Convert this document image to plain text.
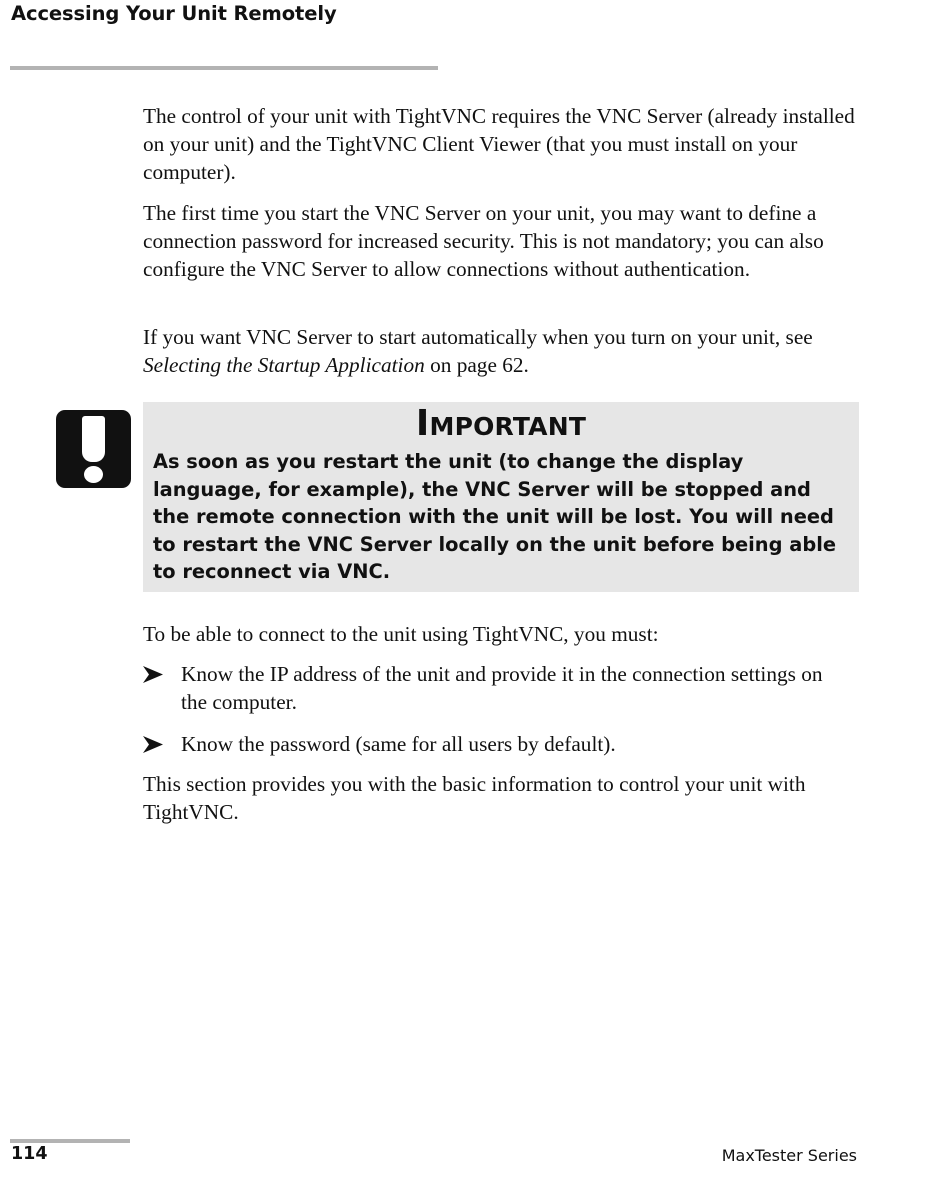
Accessing Your Unit Remotely

The control of your unit with TightVNC requires the VNC Server (already installed on your unit) and the TightVNC Client Viewer (that you must install on your computer).

The first time you start the VNC Server on your unit, you may want to define a connection password for increased security. This is not mandatory; you can also configure the VNC Server to allow connections without authentication.

If you want VNC Server to start automatically when you turn on your unit, see Selecting the Startup Application on page 62.

Important

As soon as you restart the unit (to change the display language, for example), the VNC Server will be stopped and the remote connection with the unit will be lost. You will need to restart the VNC Server locally on the unit before being able to reconnect via VNC.

To be able to connect to the unit using TightVNC, you must:

Know the IP address of the unit and provide it in the connection settings on the computer.

Know the password (same for all users by default).

This section provides you with the basic information to control your unit with TightVNC.

114	MaxTester Series
